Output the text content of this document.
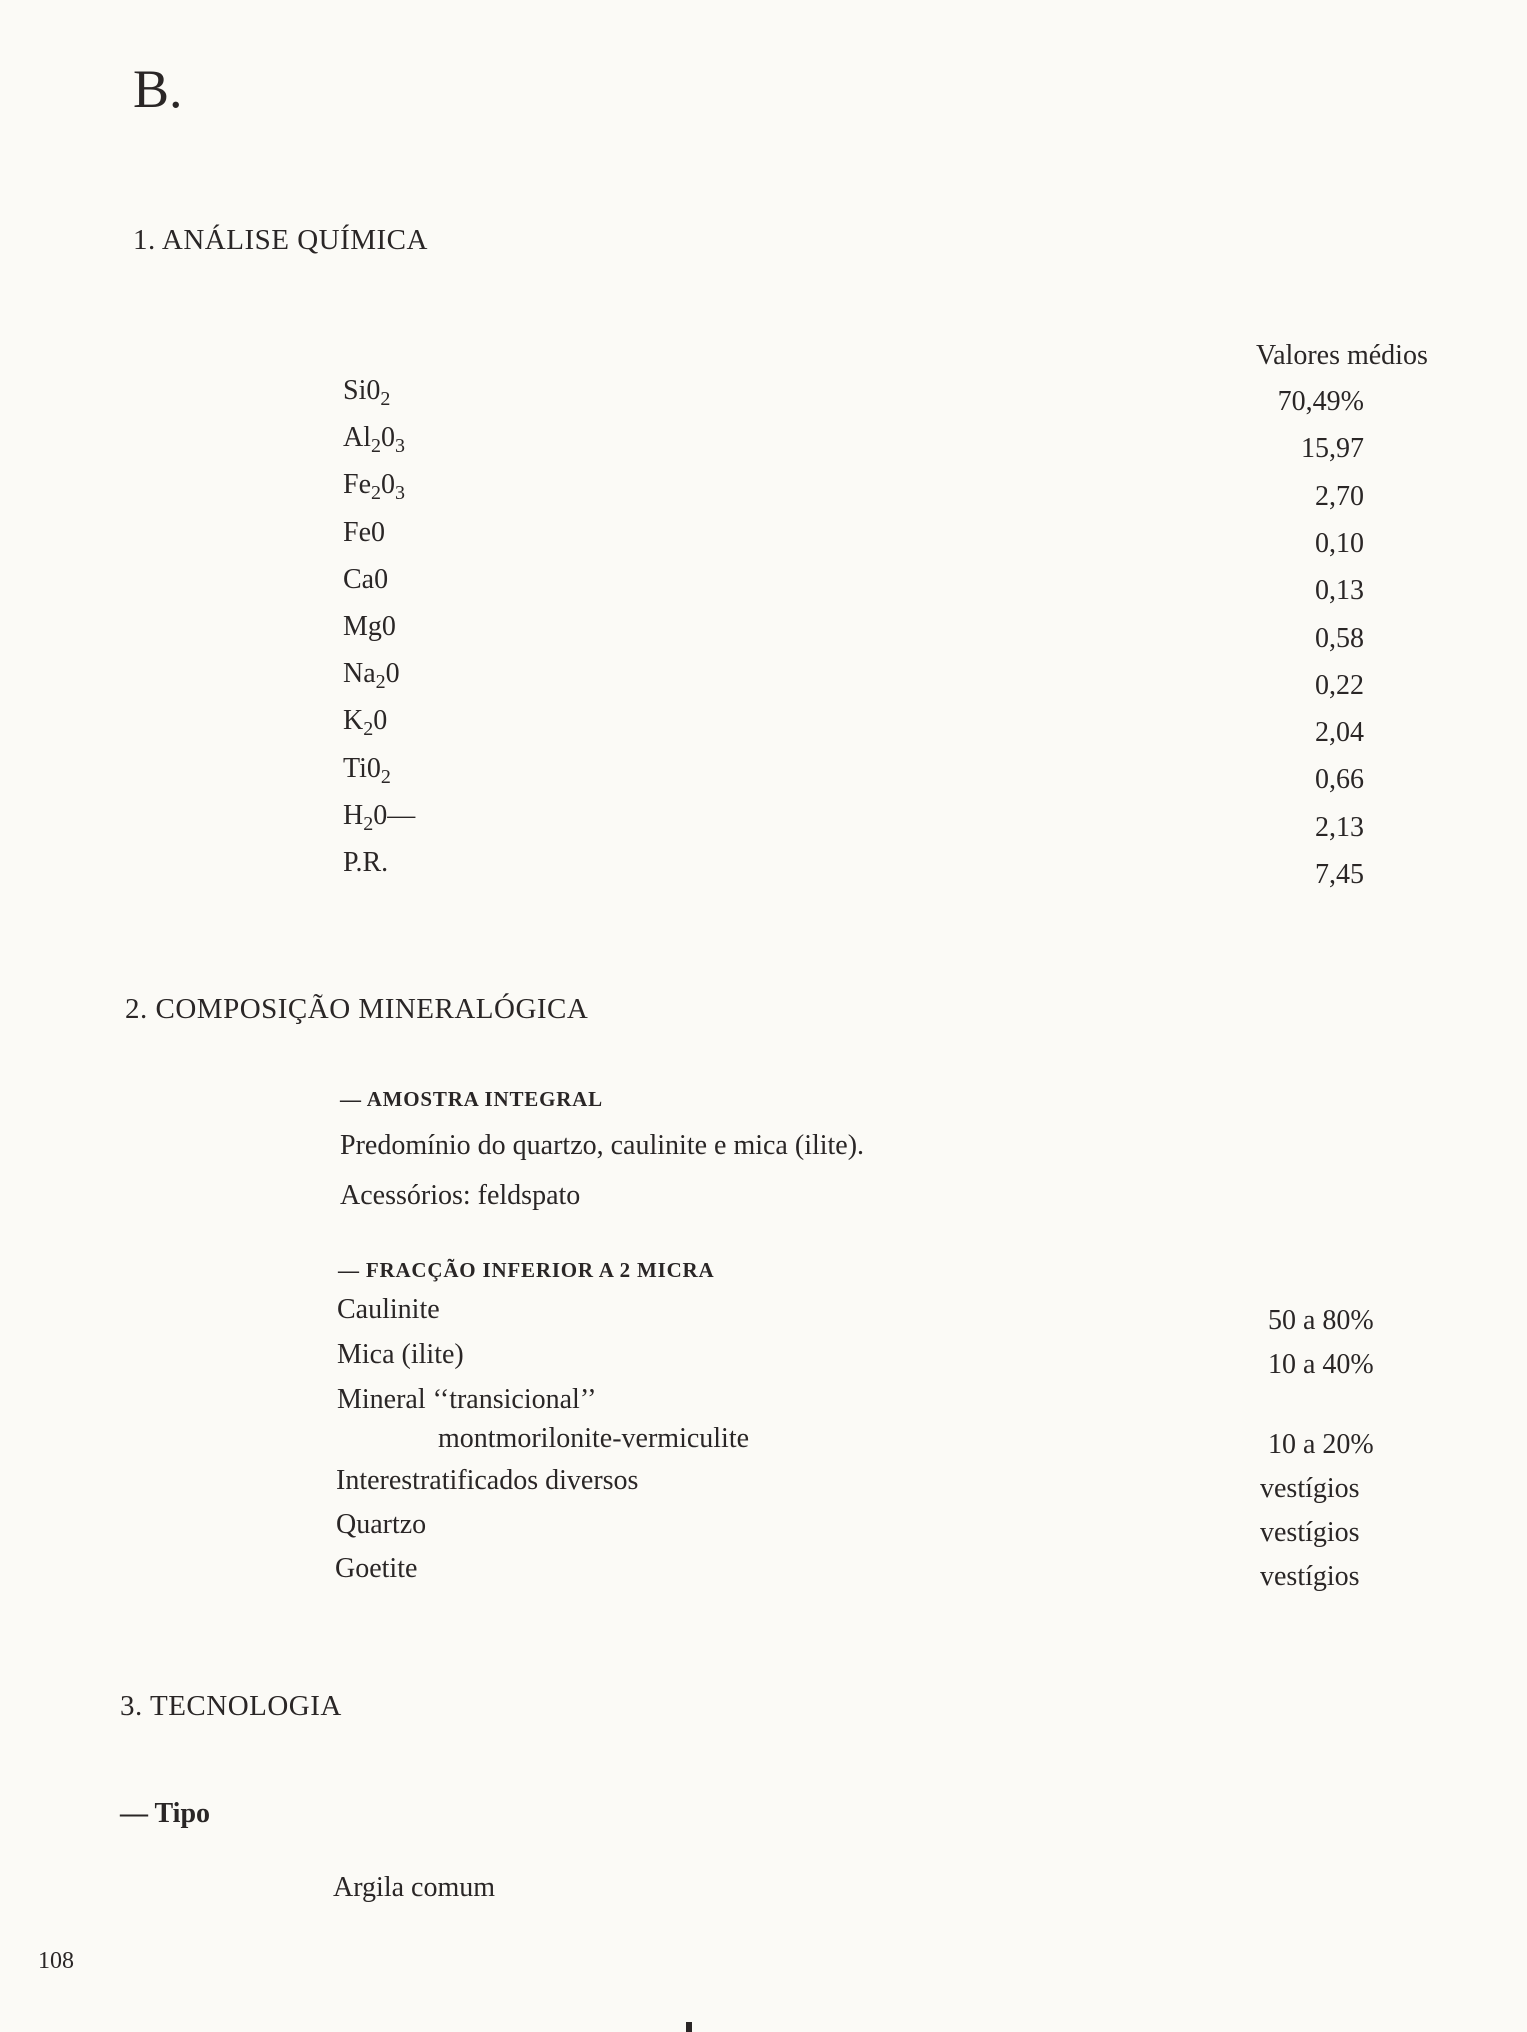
B.
1. ANÁLISE QUÍMICA
Valores médios
$Si0_2$	70,49%
$Al_20_3$	15,97
$Fe_20_3$	2,70
Fe0	0,10
Ca0	0,13
Mg0	0,58
$Na_20$	0,22
$K_20$	2,04
$Ti0_2$	0,66
$H_20—$	2,13
P.R.	7,45
2. COMPOSIÇÃO MINERALÓGICA
— AMOSTRA INTEGRAL
Predomínio do quartzo, caulinite e mica (ilite).
Acessórios: feldspato
— FRACÇÃO INFERIOR A 2 MICRA
Caulinite	50 a 80%
Mica (ilite)	10 a 40%
Mineral ‘‘transicional’’
montmorilonite-vermiculite	10 a 20%
Interestratificados diversos	vestígios
Quartzo	vestígios
Goetite	vestígios
3. TECNOLOGIA
— Tipo
Argila comum
108
